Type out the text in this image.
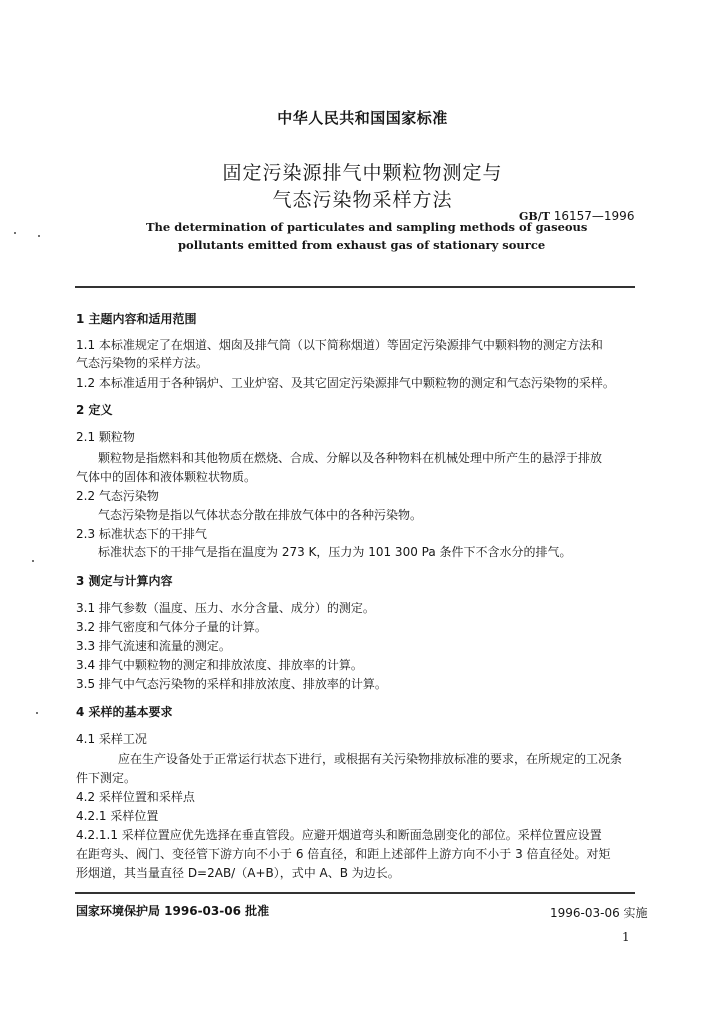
中华人民共和国国家标准
固定污染源排气中颗粒物测定与
气态污染物采样方法
GB/T 16157—1996
The determination of particulates and sampling methods of gaseous
pollutants emitted from exhaust gas of stationary source
1 主题内容和适用范围
1.1 本标准规定了在烟道、烟囱及排气筒（以下简称烟道）等固定污染源排气中颗料物的测定方法和
气态污染物的采样方法。
1.2 本标准适用于各种锅炉、工业炉窑、及其它固定污染源排气中颗粒物的测定和气态污染物的采样。
2 定义
2.1 颗粒物
颗粒物是指燃料和其他物质在燃烧、合成、分解以及各种物料在机械处理中所产生的悬浮于排放
气体中的固体和液体颗粒状物质。
2.2 气态污染物
气态污染物是指以气体状态分散在排放气体中的各种污染物。
2.3 标准状态下的干排气
标准状态下的干排气是指在温度为 273 K，压力为 101 300 Pa 条件下不含水分的排气。
3 测定与计算内容
3.1 排气参数（温度、压力、水分含量、成分）的测定。
3.2 排气密度和气体分子量的计算。
3.3 排气流速和流量的测定。
3.4 排气中颗粒物的测定和排放浓度、排放率的计算。
3.5 排气中气态污染物的采样和排放浓度、排放率的计算。
4 采样的基本要求
4.1 采样工况
应在生产设备处于正常运行状态下进行，或根据有关污染物排放标准的要求，在所规定的工况条
件下测定。
4.2 采样位置和采样点
4.2.1 采样位置
4.2.1.1 采样位置应优先选择在垂直管段。应避开烟道弯头和断面急剧变化的部位。采样位置应设置
在距弯头、阀门、变径管下游方向不小于 6 倍直径，和距上述部件上游方向不小于 3 倍直径处。对矩
形烟道，其当量直径 D=2AB/（A+B），式中 A、B 为边长。
国家环境保护局 1996-03-06 批准	1996-03-06 实施
1
